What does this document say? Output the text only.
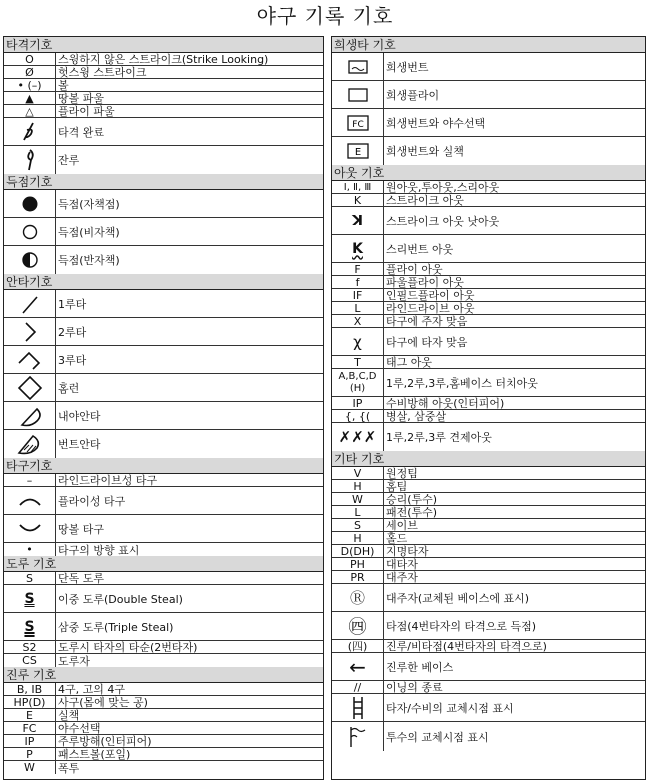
야구 기록 기호
타격기호
O	스윙하지 않은 스트라이크(Strike Looking)
Ø	헛스윙 스트라이크
• (–)	볼
▲	땅볼 파울
△	플라이 파울
타격 완료
잔루
득점기호
득점(자책점)
득점(비자책)
득점(반자책)
안타기호
1루타
2루타
3루타
홈런
내야안타
번트안타
타구기호
–	라인드라이브성 타구
플라이성 타구
땅볼 타구
•	타구의 방향 표시
도루 기호
S	단독 도루
S	이중 도루(Double Steal)
S	삼중 도루(Triple Steal)
S2	도루시 타자의 타순(2번타자)
CS	도루자
진루 기호
B, IB	4구, 고의 4구
HP(D)	사구(몸에 맞는 공)
E	실책
FC	야수선택
IP	주루방해(인터피어)
P	패스트볼(포일)
W	폭투
희생타 기호
희생번트
희생플라이
FC 희생번트와 야수선택
E 희생번트와 실책
아웃 기호
Ⅰ, Ⅱ, Ⅲ	원아웃,투아웃,스리아웃
K	스트라이크 아웃
ꓘ	스트라이크 아웃 낫아웃
K	스리번트 아웃
F	플라이 아웃
f	파울플라이 아웃
IF	인필드플라이 아웃
L	라인드라이브 아웃
X	타구에 주자 맞음
χ	타구에 타자 맞음
T	태그 아웃
A,B,C,D (H)	1루,2루,3루,홈베이스 터치아웃
IP	수비방해 아웃(인터피어)
{, {(	병살, 삼중살
✗✗✗ 1루,2루,3루 견제아웃
기타 기호
V	원정팀
H	홈팀
W	승리(투수)
L	패전(투수)
S	세이브
H	홀드
D(DH)	지명타자
PH	대타자
PR	대주자
Ⓡ	대주자(교체된 베이스에 표시)
㊃	타점(4번타자의 타격으로 득점)
(四)	진루/비타점(4번타자의 타격으로)
←	진루한 베이스
//	이닝의 종료
타자/수비의 교체시점 표시
투수의 교체시점 표시
